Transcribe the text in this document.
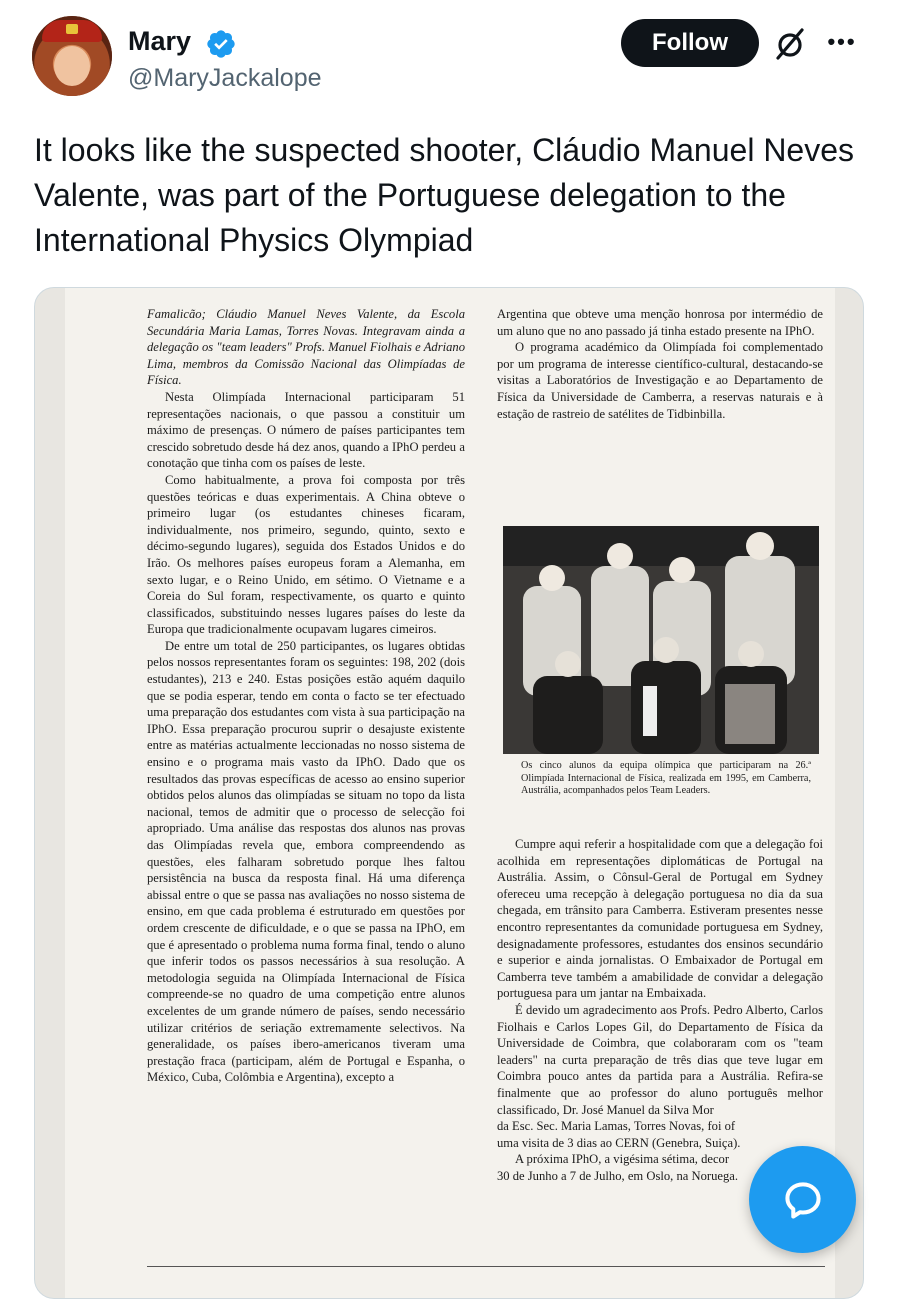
Mary
@MaryJackalope
Follow	•••
It looks like the suspected shooter, Cláudio Manuel Neves Valente, was part of the Portuguese delegation to the International Physics Olympiad

Famalicão; Cláudio Manuel Neves Valente, da Escola Secundária Maria Lamas, Torres Novas. Integravam ainda a delegação os "team leaders" Profs. Manuel Fiolhais e Adriano Lima, membros da Comissão Nacional das Olimpíadas de Física.

Nesta Olimpíada Internacional participaram 51 representações nacionais, o que passou a constituir um máximo de presenças. O número de países participantes tem crescido sobretudo desde há dez anos, quando a IPhO perdeu a conotação que tinha com os países de leste.

Como habitualmente, a prova foi composta por três questões teóricas e duas experimentais. A China obteve o primeiro lugar (os estudantes chineses ficaram, individualmente, nos primeiro, segundo, quinto, sexto e décimo-segundo lugares), seguida dos Estados Unidos e do Irão. Os melhores países europeus foram a Alemanha, em sexto lugar, e o Reino Unido, em sétimo. O Vietname e a Coreia do Sul foram, respectivamente, os quarto e quinto classificados, substituindo nesses lugares países do leste da Europa que tradicionalmente ocupavam lugares cimeiros.

De entre um total de 250 participantes, os lugares obtidas pelos nossos representantes foram os seguintes: 198, 202 (dois estudantes), 213 e 240. Estas posições estão aquém daquilo que se podia esperar, tendo em conta o facto se ter efectuado uma preparação dos estudantes com vista à sua participação na IPhO. Essa preparação procurou suprir o desajuste existente entre as matérias actualmente leccionadas no nosso sistema de ensino e o programa mais vasto da IPhO. Dado que os resultados das provas específicas de acesso ao ensino superior obtidos pelos alunos das olimpíadas se situam no topo da lista nacional, temos de admitir que o processo de selecção foi apropriado. Uma análise das respostas dos alunos nas provas das Olimpíadas revela que, embora compreendendo as questões, eles falharam sobretudo porque lhes faltou persistência na busca da resposta final. Há uma diferença abissal entre o que se passa nas avaliações no nosso sistema de ensino, em que cada problema é estruturado em questões por ordem crescente de dificuldade, e o que se passa na IPhO, em que é apresentado o problema numa forma final, tendo o aluno que inferir todos os passos necessários à sua resolução. A metodologia seguida na Olimpíada Internacional de Física compreende-se no quadro de uma competição entre alunos excelentes de um grande número de países, sendo necessário utilizar critérios de seriação extremamente selectivos. Na generalidade, os países ibero-americanos tiveram uma prestação fraca (participam, além de Portugal e Espanha, o México, Cuba, Colômbia e Argentina), excepto a

Argentina que obteve uma menção honrosa por intermédio de um aluno que no ano passado já tinha estado presente na IPhO.

O programa académico da Olimpíada foi complementado por um programa de interesse científico-cultural, destacando-se visitas a Laboratórios de Investigação e ao Departamento de Física da Universidade de Camberra, a reservas naturais e à estação de rastreio de satélites de Tidbinbilla.

Os cinco alunos da equipa olímpica que participaram na 26.ª Olimpíada Internacional de Física, realizada em 1995, em Camberra, Austrália, acompanhados pelos Team Leaders.

Cumpre aqui referir a hospitalidade com que a delegação foi acolhida em representações diplomáticas de Portugal na Austrália. Assim, o Cônsul-Geral de Portugal em Sydney ofereceu uma recepção à delegação portuguesa no dia da sua chegada, em trânsito para Camberra. Estiveram presentes nesse encontro representantes da comunidade portuguesa em Sydney, designadamente professores, estudantes dos ensinos secundário e superior e ainda jornalistas. O Embaixador de Portugal em Camberra teve também a amabilidade de convidar a delegação portuguesa para um jantar na Embaixada.

É devido um agradecimento aos Profs. Pedro Alberto, Carlos Fiolhais e Carlos Lopes Gil, do Departamento de Física da Universidade de Coimbra, que colaboraram com os "team leaders" na curta preparação de três dias que teve lugar em Coimbra pouco antes da partida para a Austrália. Refira-se finalmente que ao professor do aluno português melhor classificado, Dr. José Manuel da Silva Mor

da Esc. Sec. Maria Lamas, Torres Novas, foi of

uma visita de 3 dias ao CERN (Genebra, Suiça).

A próxima IPhO, a vigésima sétima, decor

30 de Junho a 7 de Julho, em Oslo, na Noruega.
